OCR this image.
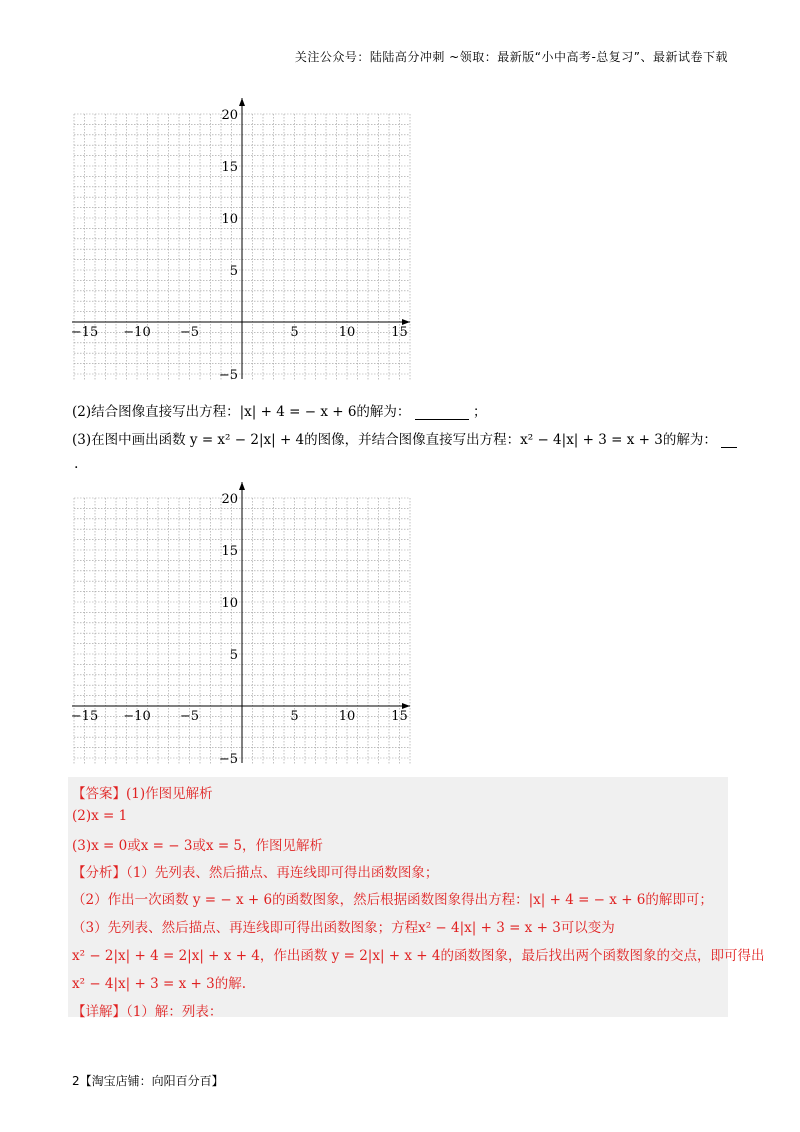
关注公众号：陆陆高分冲刺 ~领取：最新版“小中高考-总复习”、最新试卷下载
−15 −10 −5	5	10	15
20
15
10
5
−5
(2)结合图像直接写出方程：|x| + 4 = − x + 6的解为：	；
(3)在图中画出函数 y = x² − 2|x| + 4的图像，并结合图像直接写出方程：x² − 4|x| + 3 = x + 3的解为：
.
−15 −10 −5	5	10	15
20
15
10
5
−5
【答案】(1)作图见解析
(2)x = 1
(3)x = 0或x = − 3或x = 5，作图见解析
【分析】（1）先列表、然后描点、再连线即可得出函数图象；
（2）作出一次函数 y = − x + 6的函数图象，然后根据函数图象得出方程：|x| + 4 = − x + 6的解即可；
（3）先列表、然后描点、再连线即可得出函数图象；方程x² − 4|x| + 3 = x + 3可以变为
x² − 2|x| + 4 = 2|x| + x + 4，作出函数 y = 2|x| + x + 4的函数图象，最后找出两个函数图象的交点，即可得出
x² − 4|x| + 3 = x + 3的解.
【详解】（1）解：列表：
2【淘宝店铺：向阳百分百】
